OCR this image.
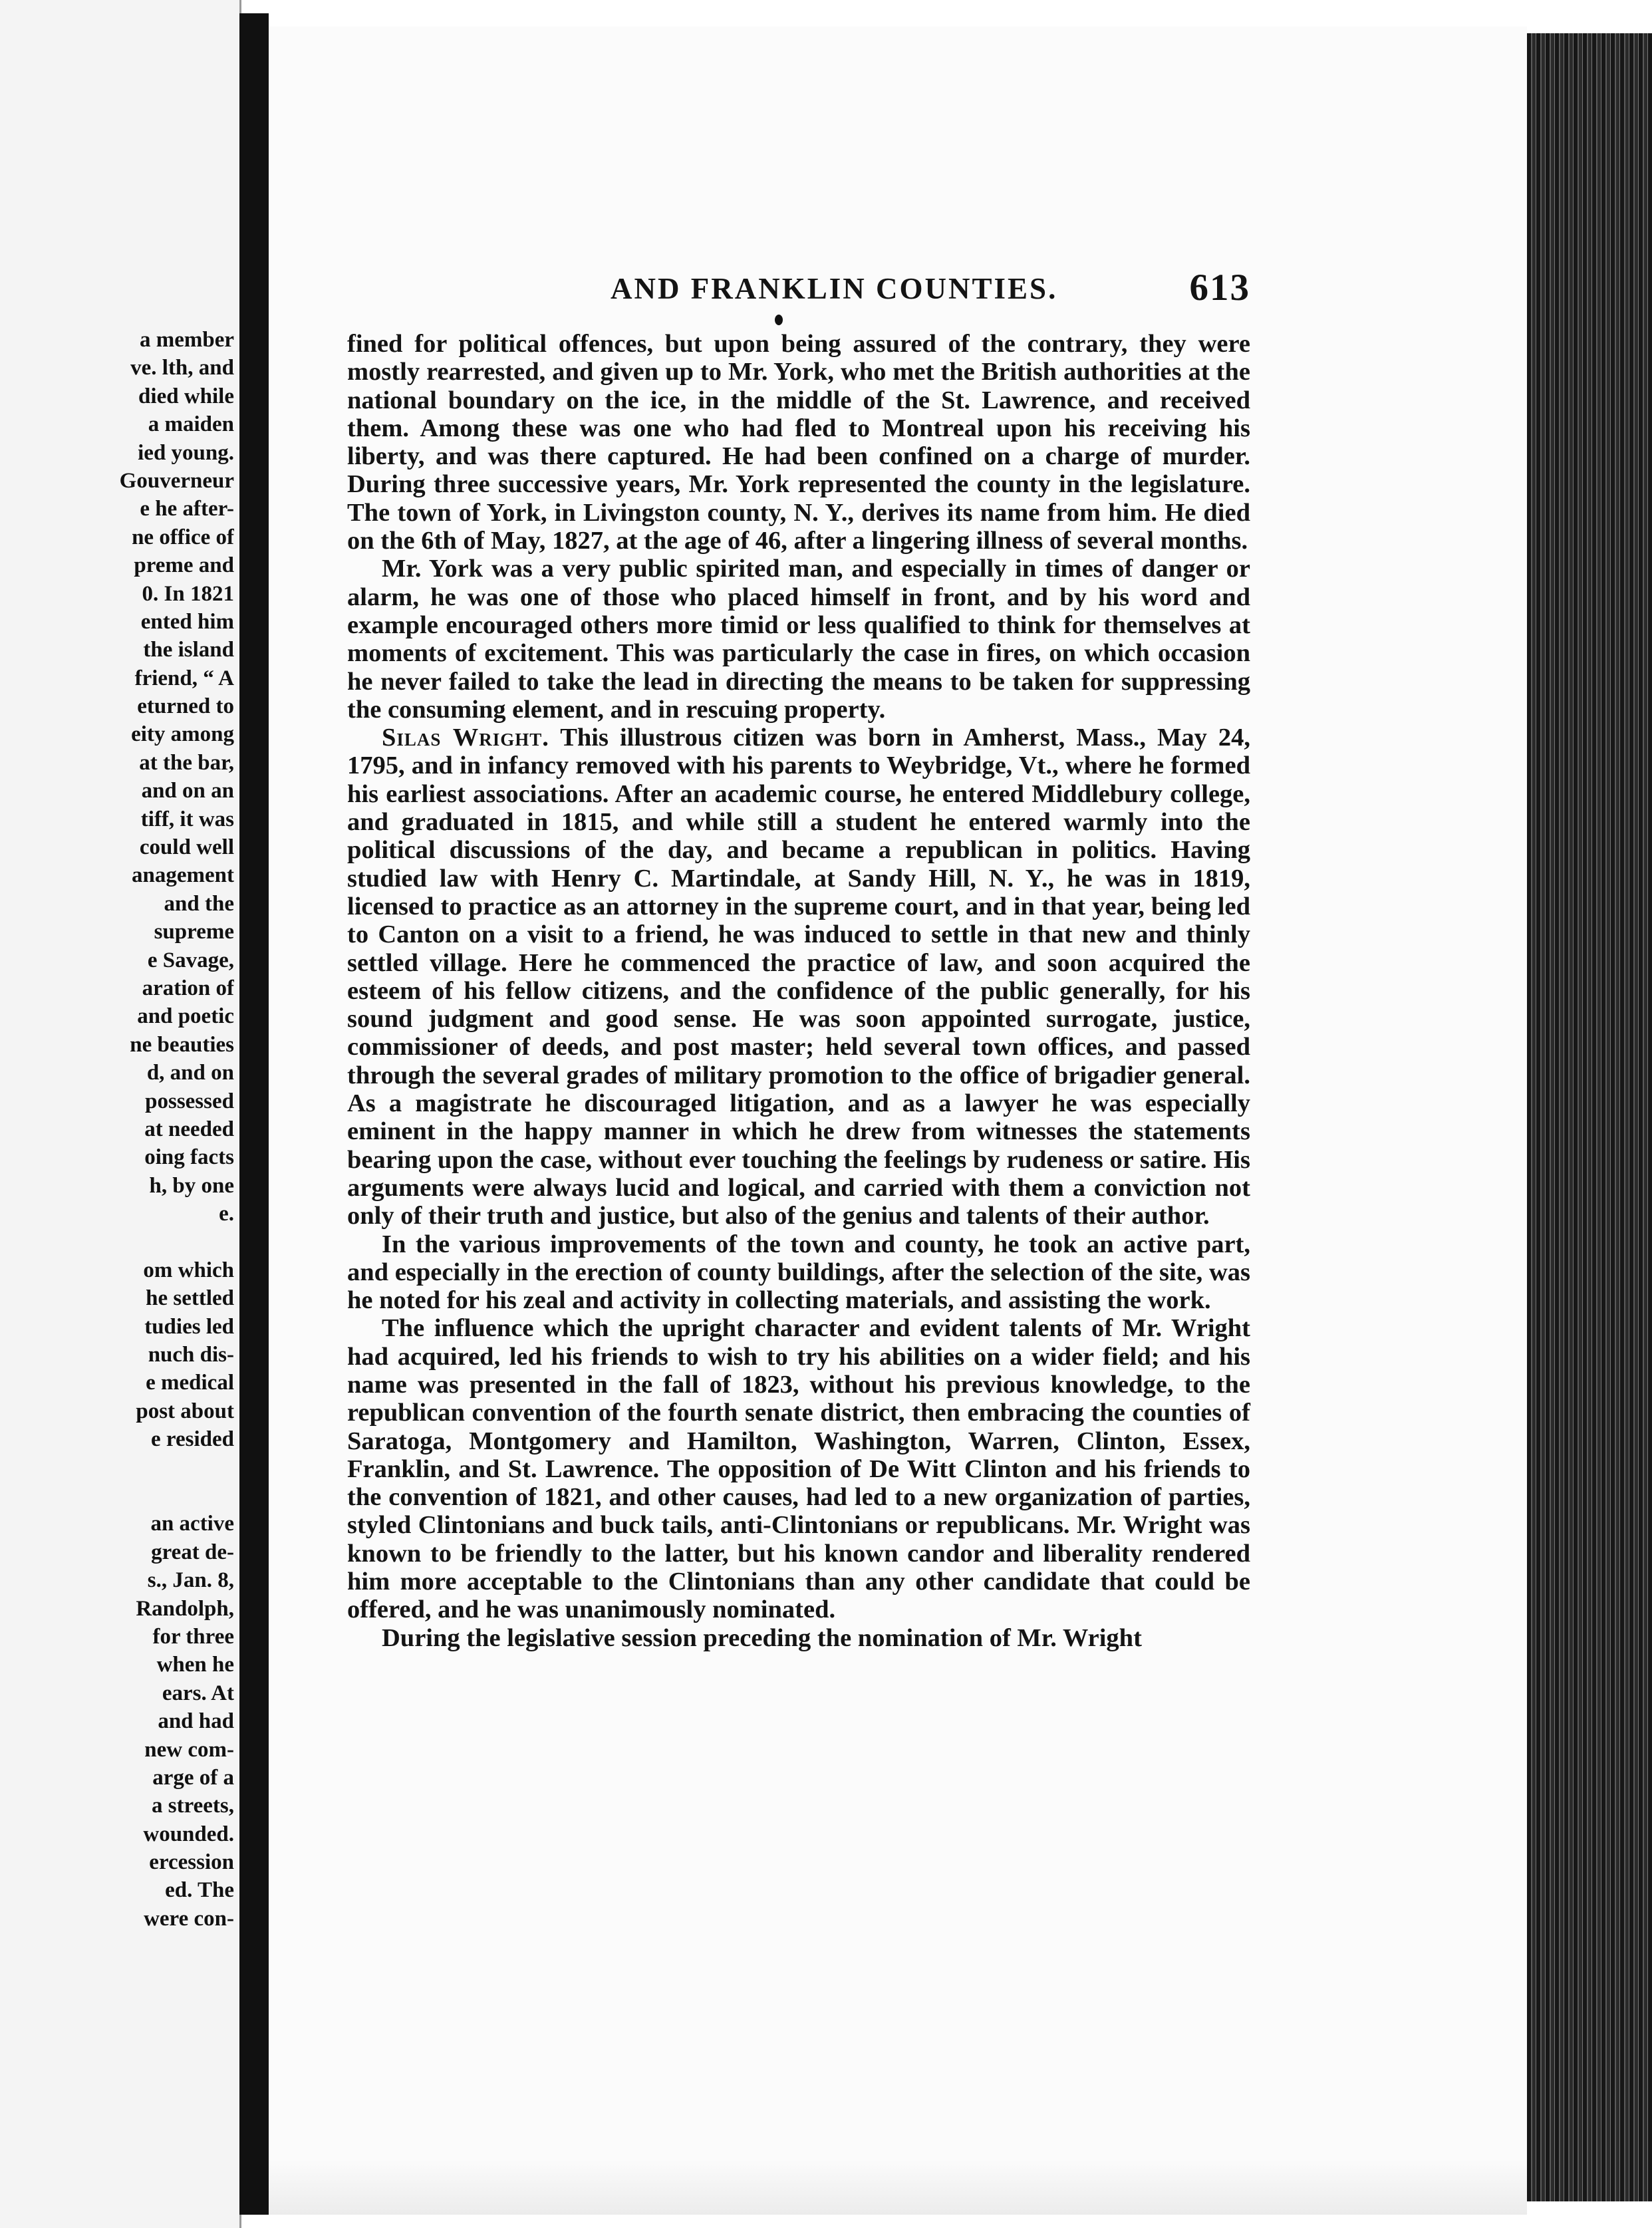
a member
ve. lth, and
died while
a maiden
ied young.
Gouverneur
e he after-
ne office of
preme and
0. In 1821
ented him
the island
friend, “ A
eturned to
eity among
at the bar,
and on an
tiff, it was
could well
anagement
and the
supreme
e Savage,
aration of
and poetic
ne beauties
d, and on
possessed
at needed
oing facts
h, by one
e.
om which
he settled
tudies led
nuch dis-
e medical
post about
e resided
an active
great de-
s., Jan. 8,
Randolph,
for three
when he
ears. At
and had
new com-
arge of a
a streets,
wounded.
ercession
ed. The
were con-
AND FRANKLIN COUNTIES.	613

fined for political offences, but upon being assured of the contrary, they were mostly rearrested, and given up to Mr. York, who met the British authorities at the national boundary on the ice, in the middle of the St. Lawrence, and received them. Among these was one who had fled to Montreal upon his receiving his liberty, and was there captured. He had been confined on a charge of murder. During three successive years, Mr. York represented the county in the legislature. The town of York, in Livingston county, N. Y., derives its name from him. He died on the 6th of May, 1827, at the age of 46, after a lingering illness of several months.

Mr. York was a very public spirited man, and especially in times of danger or alarm, he was one of those who placed himself in front, and by his word and example encouraged others more timid or less qualified to think for themselves at moments of excitement. This was particularly the case in fires, on which occasion he never failed to take the lead in directing the means to be taken for suppressing the consuming element, and in rescuing property.

Silas Wright. This illustrous citizen was born in Amherst, Mass., May 24, 1795, and in infancy removed with his parents to Weybridge, Vt., where he formed his earliest associations. After an academic course, he entered Middlebury college, and graduated in 1815, and while still a student he entered warmly into the political discussions of the day, and became a republican in politics. Having studied law with Henry C. Martindale, at Sandy Hill, N. Y., he was in 1819, licensed to practice as an attorney in the supreme court, and in that year, being led to Canton on a visit to a friend, he was induced to settle in that new and thinly settled village. Here he commenced the practice of law, and soon acquired the esteem of his fellow citizens, and the confidence of the public generally, for his sound judgment and good sense. He was soon appointed surrogate, justice, commissioner of deeds, and post master; held several town offices, and passed through the several grades of military promotion to the office of brigadier general. As a magistrate he discouraged litigation, and as a lawyer he was especially eminent in the happy manner in which he drew from witnesses the statements bearing upon the case, without ever touching the feelings by rudeness or satire. His arguments were always lucid and logical, and carried with them a conviction not only of their truth and justice, but also of the genius and talents of their author.

In the various improvements of the town and county, he took an active part, and especially in the erection of county buildings, after the selection of the site, was he noted for his zeal and activity in collecting materials, and assisting the work.

The influence which the upright character and evident talents of Mr. Wright had acquired, led his friends to wish to try his abilities on a wider field; and his name was presented in the fall of 1823, without his previous knowledge, to the republican convention of the fourth senate district, then embracing the counties of Saratoga, Montgomery and Hamilton, Washington, Warren, Clinton, Essex, Franklin, and St. Lawrence. The opposition of De Witt Clinton and his friends to the convention of 1821, and other causes, had led to a new organization of parties, styled Clintonians and buck tails, anti-Clintonians or republicans. Mr. Wright was known to be friendly to the latter, but his known candor and liberality rendered him more acceptable to the Clintonians than any other candidate that could be offered, and he was unanimously nominated.

During the legislative session preceding the nomination of Mr. Wright
